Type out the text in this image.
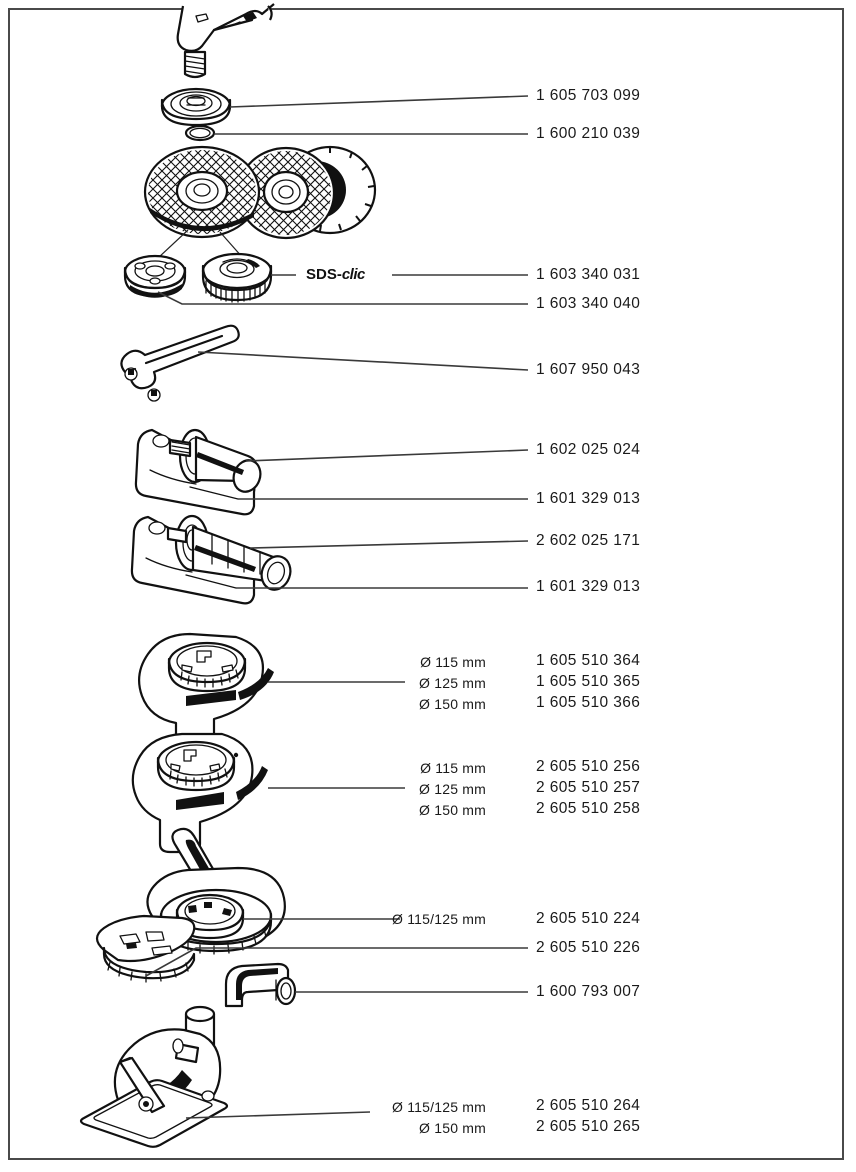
SDS-clic
1 605 703 099
1 600 210 039
1 603 340 031
1 603 340 040
1 607 950 043
1 602 025 024
1 601 329 013
2 602 025 171
1 601 329 013
1 605 510 364
1 605 510 365
1 605 510 366
2 605 510 256
2 605 510 257
2 605 510 258
2 605 510 224
2 605 510 226
1 600 793 007
2 605 510 264
2 605 510 265
Ø 115 mm
Ø 125 mm
Ø 150 mm
Ø 115 mm
Ø 125 mm
Ø 150 mm
Ø 115/125 mm
Ø 115/125 mm
Ø 150 mm
